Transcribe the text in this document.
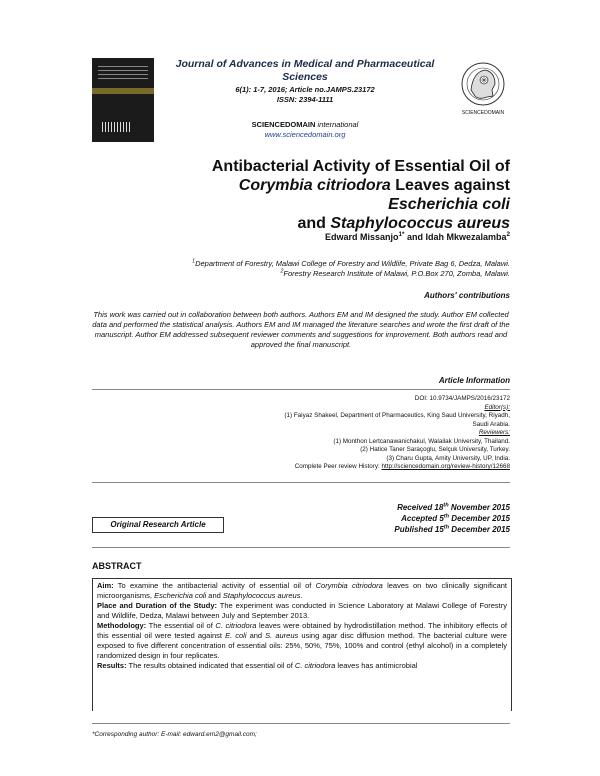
Journal of Advances in Medical and Pharmaceutical Sciences
6(1): 1-7, 2016; Article no.JAMPS.23172
ISSN: 2394-1111
SCIENCEDOMAIN international
www.sciencedomain.org
SCIENCEDOMAIN
Antibacterial Activity of Essential Oil of
Corymbia citriodora Leaves against Escherichia coli
and Staphylococcus aureus
Edward Missanjo$^{1*}$ and Idah Mkwezalamba$^2$
$^1$Department of Forestry, Malawi College of Forestry and Wildlife, Private Bag 6, Dedza, Malawi.
$^2$Forestry Research Institute of Malawi, P.O.Box 270, Zomba, Malawi.
Authors' contributions
This work was carried out in collaboration between both authors. Authors EM and IM designed the study. Author EM collected data and performed the statistical analysis. Authors EM and IM managed the literature searches and wrote the first draft of the manuscript. Author EM addressed subsequent reviewer comments and suggestions for improvement. Both authors read and approved the final manuscript.
Article Information
DOI: 10.9734/JAMPS/2016/23172
Editor(s):
(1) Faiyaz Shakeel, Department of Pharmaceutics, King Saud University, Riyadh,
Saudi Arabia.
Reviewers:
(1) Monthon Lertcanawanichakul, Walailak University, Thailand.
(2) Hatice Taner Saraçoglu, Selçuk University, Turkey.
(3) Charu Gupta, Amity University, UP, India.
Complete Peer review History: http://sciencedomain.org/review-history/12668
Original Research Article
Received 18th November 2015
Accepted 5th December 2015
Published 15th December 2015
ABSTRACT
Aim: To examine the antibacterial activity of essential oil of Corymbia citriodora leaves on two clinically significant microorganisms, Escherichia coli and Staphylococcus aureus.
Place and Duration of the Study: The experiment was conducted in Science Laboratory at Malawi College of Forestry and Wildlife, Dedza, Malawi between July and September 2013.
Methodology: The essential oil of C. citriodora leaves were obtained by hydrodistillation method. The inhibitory effects of this essential oil were tested against E. coli and S. aureus using agar disc diffusion method. The bacterial culture were exposed to five different concentration of essential oils: 25%, 50%, 75%, 100% and control (ethyl alcohol) in a completely randomized design in four replicates.
Results: The results obtained indicated that essential oil of C. citriodora leaves has antimicrobial
*Corresponding author: E-mail: edward.em2@gmail.com;
